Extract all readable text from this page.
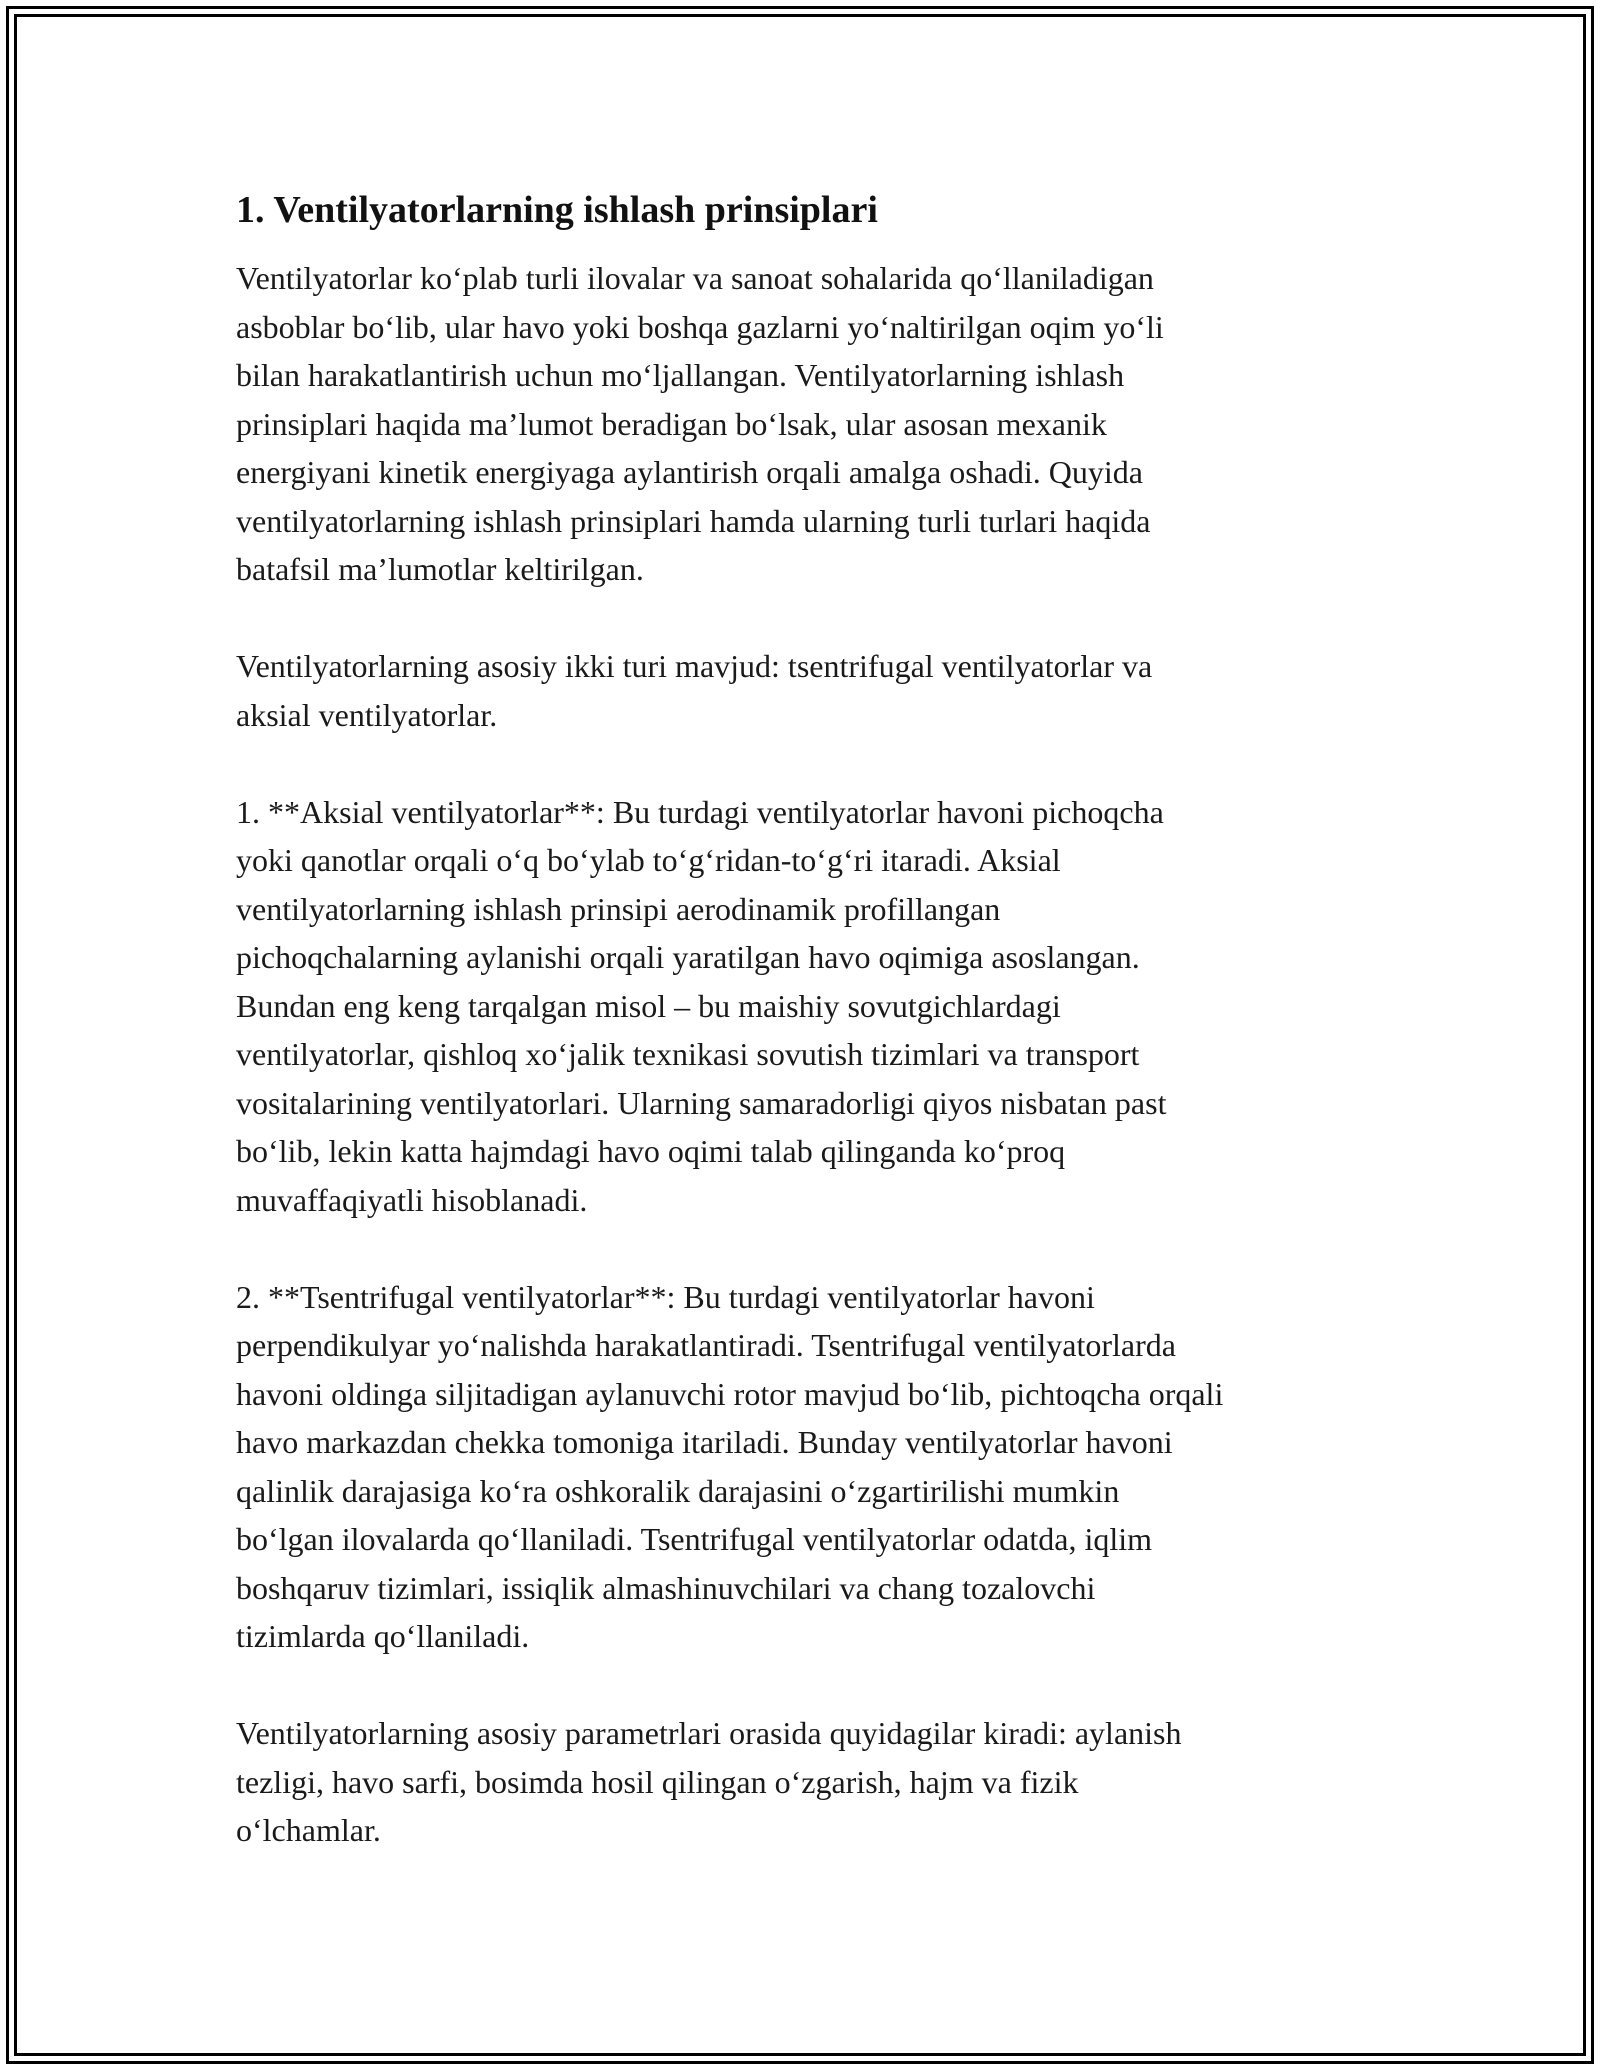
1. Ventilyatorlarning ishlash prinsiplari

Ventilyatorlar koʻplab turli ilovalar va sanoat sohalarida qoʻllaniladigan
asboblar boʻlib, ular havo yoki boshqa gazlarni yoʻnaltirilgan oqim yoʻli
bilan harakatlantirish uchun moʻljallangan. Ventilyatorlarning ishlash
prinsiplari haqida maʼlumot beradigan boʻlsak, ular asosan mexanik
energiyani kinetik energiyaga aylantirish orqali amalga oshadi. Quyida
ventilyatorlarning ishlash prinsiplari hamda ularning turli turlari haqida
batafsil maʼlumotlar keltirilgan.

Ventilyatorlarning asosiy ikki turi mavjud: tsentrifugal ventilyatorlar va
aksial ventilyatorlar.

1. **Aksial ventilyatorlar**: Bu turdagi ventilyatorlar havoni pichoqcha
yoki qanotlar orqali oʻq boʻylab toʻgʻridan-toʻgʻri itaradi. Aksial
ventilyatorlarning ishlash prinsipi aerodinamik profillangan
pichoqchalarning aylanishi orqali yaratilgan havo oqimiga asoslangan.
Bundan eng keng tarqalgan misol – bu maishiy sovutgichlardagi
ventilyatorlar, qishloq xoʻjalik texnikasi sovutish tizimlari va transport
vositalarining ventilyatorlari. Ularning samaradorligi qiyos nisbatan past
boʻlib, lekin katta hajmdagi havo oqimi talab qilinganda koʻproq
muvaffaqiyatli hisoblanadi.

2. **Tsentrifugal ventilyatorlar**: Bu turdagi ventilyatorlar havoni
perpendikulyar yoʻnalishda harakatlantiradi. Tsentrifugal ventilyatorlarda
havoni oldinga siljitadigan aylanuvchi rotor mavjud boʻlib, pichtoqcha orqali
havo markazdan chekka tomoniga itariladi. Bunday ventilyatorlar havoni
qalinlik darajasiga koʻra oshkoralik darajasini oʻzgartirilishi mumkin
boʻlgan ilovalarda qoʻllaniladi. Tsentrifugal ventilyatorlar odatda, iqlim
boshqaruv tizimlari, issiqlik almashinuvchilari va chang tozalovchi
tizimlarda qoʻllaniladi.

Ventilyatorlarning asosiy parametrlari orasida quyidagilar kiradi: aylanish
tezligi, havo sarfi, bosimda hosil qilingan oʻzgarish, hajm va fizik
oʻlchamlar.
